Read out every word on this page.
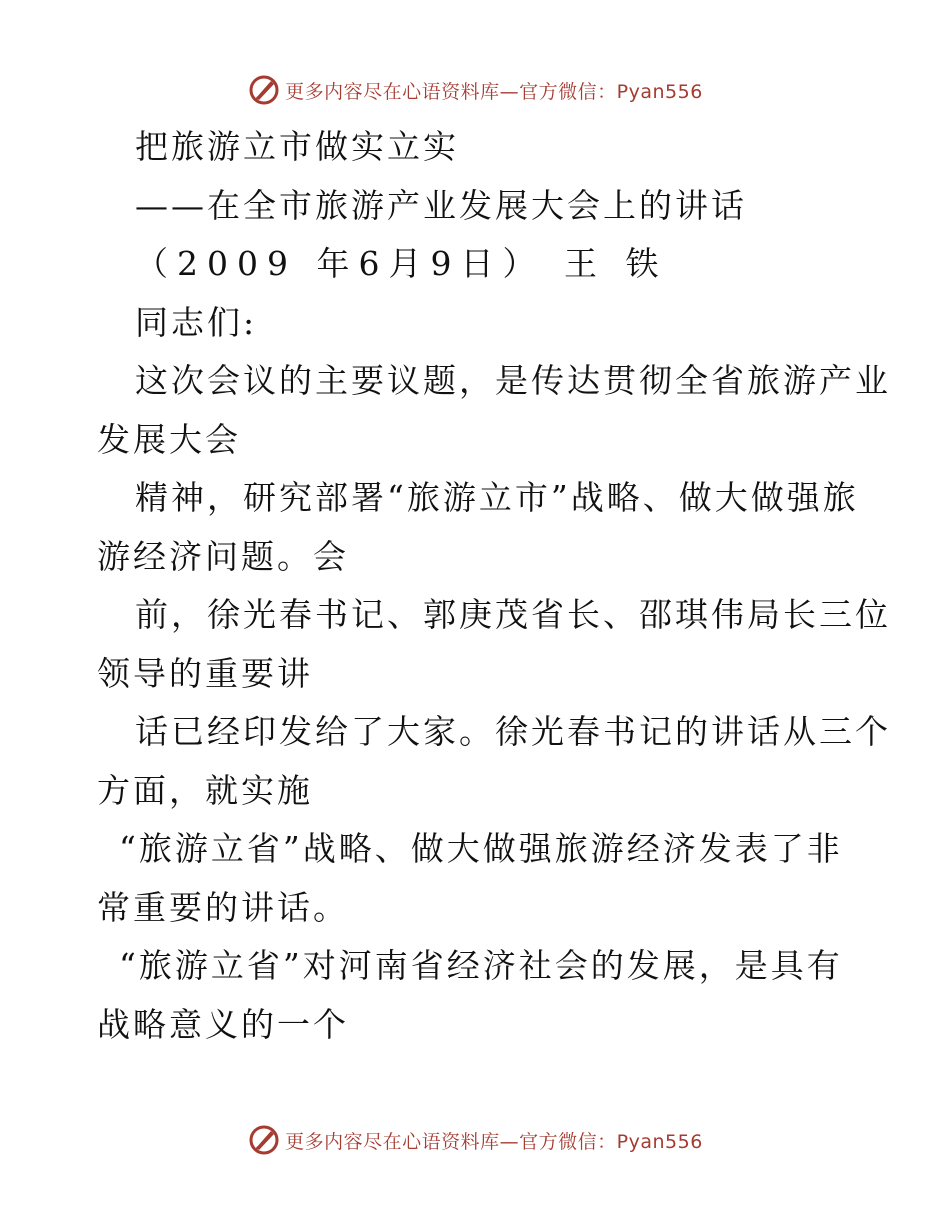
更多内容尽在心语资料库—官方微信：Pyan556
把旅游立市做实立实
——在全市旅游产业发展大会上的讲话
（2009 年6月9日） 王 铁
同志们:
这次会议的主要议题，是传达贯彻全省旅游产业
发展大会
精神，研究部署“旅游立市”战略、做大做强旅
游经济问题。会
前，徐光春书记、郭庚茂省长、邵琪伟局长三位
领导的重要讲
话已经印发给了大家。徐光春书记的讲话从三个
方面，就实施
“旅游立省”战略、做大做强旅游经济发表了非
常重要的讲话。
“旅游立省”对河南省经济社会的发展，是具有
战略意义的一个
更多内容尽在心语资料库—官方微信：Pyan556
